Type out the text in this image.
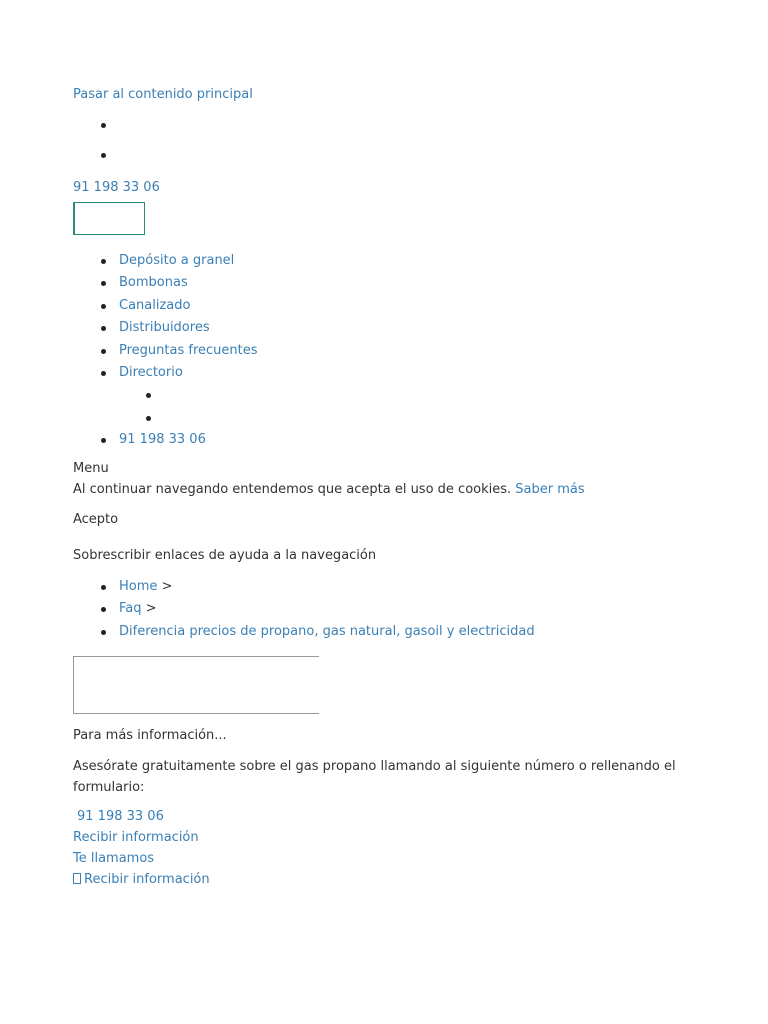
Pasar al contenido principal
91 198 33 06
Depósito a granel
Bombonas
Canalizado
Distribuidores
Preguntas frecuentes
Directorio
91 198 33 06
Menu
Al continuar navegando entendemos que acepta el uso de cookies. Saber más
Acepto
Sobrescribir enlaces de ayuda a la navegación
Home >
Faq >
Diferencia precios de propano, gas natural, gasoil y electricidad
Para más información...
Asesórate gratuitamente sobre el gas propano llamando al siguiente número o rellenando el formulario:
91 198 33 06
Recibir información
Te llamamos
Recibir información
